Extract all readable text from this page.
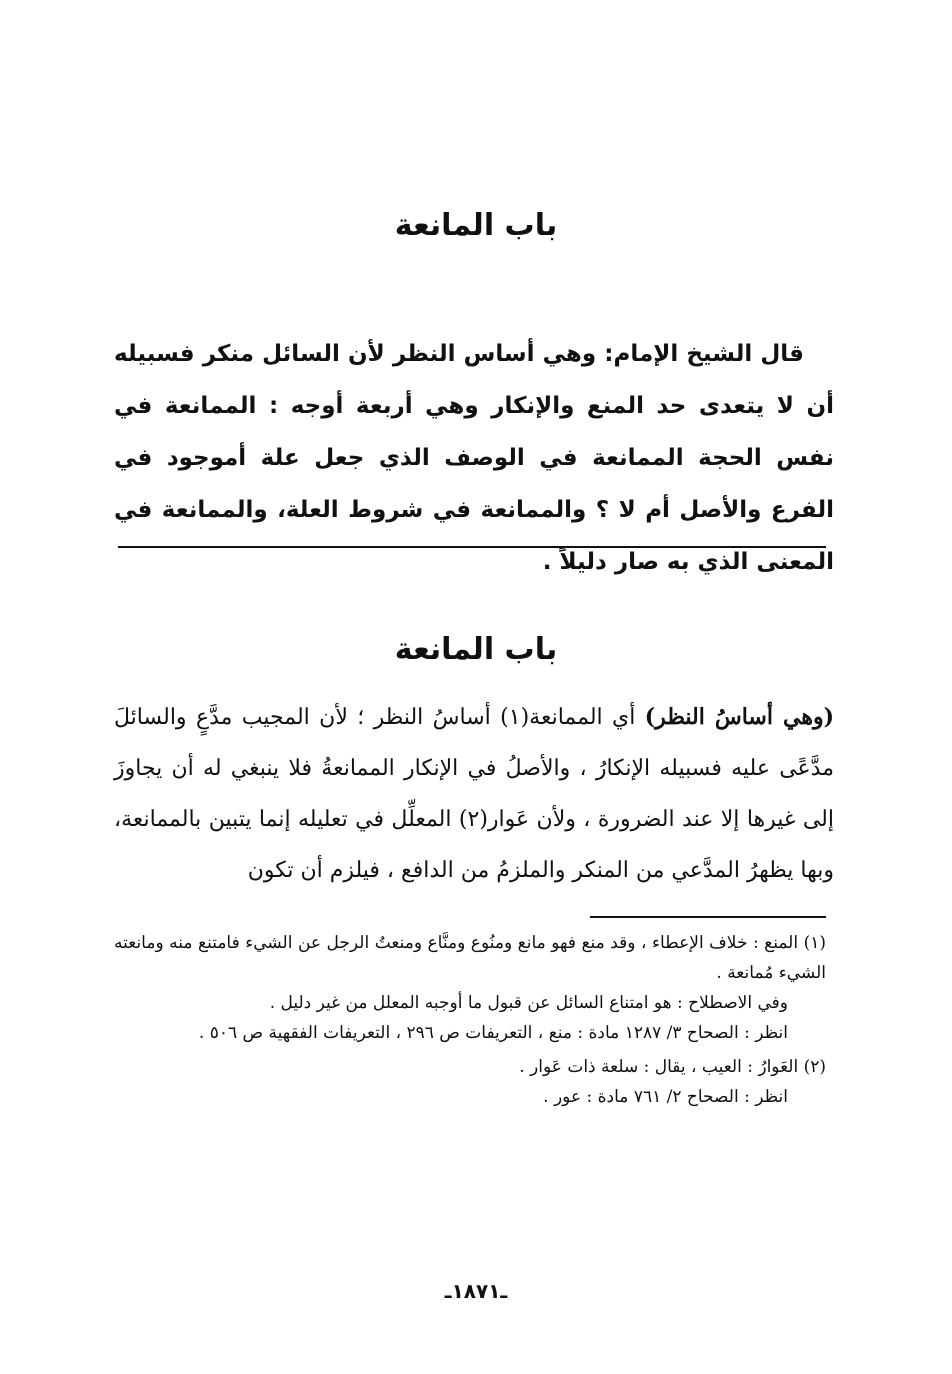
باب المانعة

قال الشيخ الإمام: وهي أساس النظر لأن السائل منكر فسبيله أن لا يتعدى حد المنع والإنكار وهي أربعة أوجه : الممانعة في نفس الحجة الممانعة في الوصف الذي جعل علة أموجود في الفرع والأصل أم لا ؟ والممانعة في شروط العلة، والممانعة في المعنى الذي به صار دليلاً .

باب المانعة

(وهي أساسُ النظر) أي الممانعة(١) أساسُ النظر ؛ لأن المجيب مدَّعٍ والسائلَ مدَّعًى عليه فسبيله الإنكارُ ، والأصلُ في الإنكار الممانعةُ فلا ينبغي له أن يجاوزَ إلى غيرها إلا عند الضرورة ، ولأن عَوار(٢) المعلِّل في تعليله إنما يتبين بالممانعة، وبها يظهرُ المدَّعي من المنكر والملزمُ من الدافع ، فيلزم أن تكون

(١) المنع : خلاف الإعطاء ، وقد منع فهو مانع ومنُوع ومنَّاع ومنعتُ الرجل عن الشيء فامتنع منه ومانعته الشيء مُمانعة .

وفي الاصطلاح : هو امتناع السائل عن قبول ما أوجبه المعلل من غير دليل .

انظر : الصحاح ٣/ ١٢٨٧ مادة : منع ، التعريفات ص ٢٩٦ ، التعريفات الفقهية ص ٥٠٦ .

(٢) العَوارُ : العيب ، يقال : سلعة ذات عَوار .

انظر : الصحاح ٢/ ٧٦١ مادة : عور .

ـ١٨٧١ـ
